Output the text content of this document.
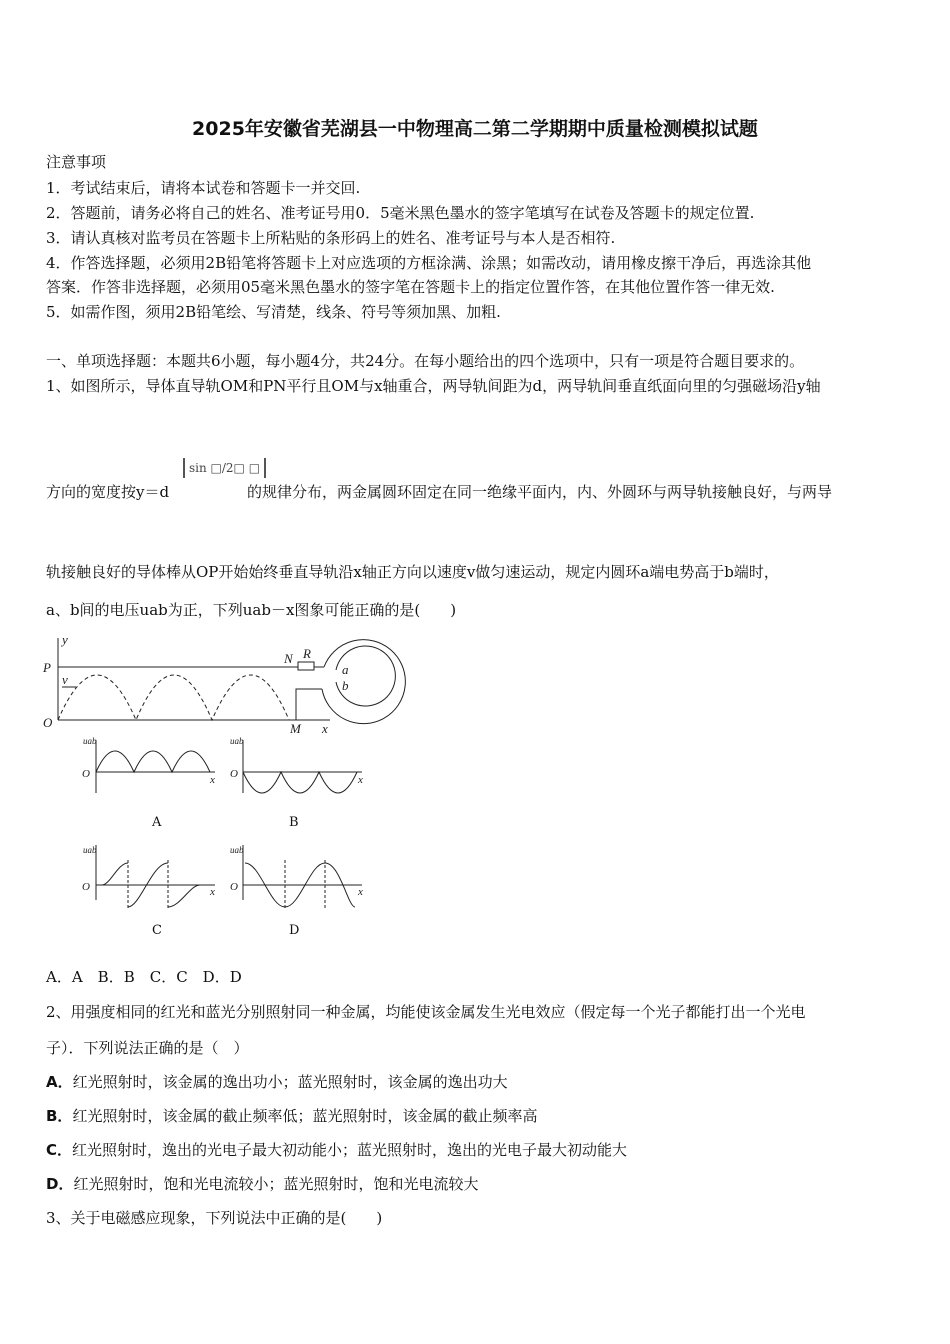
2025年安徽省芜湖县一中物理高二第二学期期中质量检测模拟试题
注意事项
1．考试结束后，请将本试卷和答题卡一并交回.
2．答题前，请务必将自己的姓名、准考证号用0．5毫米黑色墨水的签字笔填写在试卷及答题卡的规定位置.
3．请认真核对监考员在答题卡上所粘贴的条形码上的姓名、准考证号与本人是否相符.
4．作答选择题，必须用2B铅笔将答题卡上对应选项的方框涂满、涂黑；如需改动，请用橡皮擦干净后，再选涂其他
答案．作答非选择题，必须用05毫米黑色墨水的签字笔在答题卡上的指定位置作答，在其他位置作答一律无效.
5．如需作图，须用2B铅笔绘、写清楚，线条、符号等须加黑、加粗.
一、单项选择题：本题共6小题，每小题4分，共24分。在每小题给出的四个选项中，只有一项是符合题目要求的。
1、如图所示，导体直导轨OM和PN平行且OM与x轴重合，两导轨间距为d，两导轨间垂直纸面向里的匀强磁场沿y轴
方向的宽度按y＝d
sin □/2□ □
的规律分布，两金属圆环固定在同一绝缘平面内，内、外圆环与两导轨接触良好，与两导
轨接触良好的导体棒从OP开始始终垂直导轨沿x轴正方向以速度v做匀速运动，规定内圆环a端电势高于b端时，
a、b间的电压uab为正，下列uab－x图象可能正确的是(　　)
y
P
O
N R
M x
a
b
v
O	x O	x
O	x O	x
uab	uab
uab	uab
A	B
C	D
A．A　B．B　C．C　D．D
2、用强度相同的红光和蓝光分别照射同一种金属，均能使该金属发生光电效应（假定每一个光子都能打出一个光电
子）．下列说法正确的是（　）
A．红光照射时，该金属的逸出功小；蓝光照射时，该金属的逸出功大
B．红光照射时，该金属的截止频率低；蓝光照射时，该金属的截止频率高
C．红光照射时，逸出的光电子最大初动能小；蓝光照射时，逸出的光电子最大初动能大
D．红光照射时，饱和光电流较小；蓝光照射时，饱和光电流较大
3、关于电磁感应现象，下列说法中正确的是(　　)
